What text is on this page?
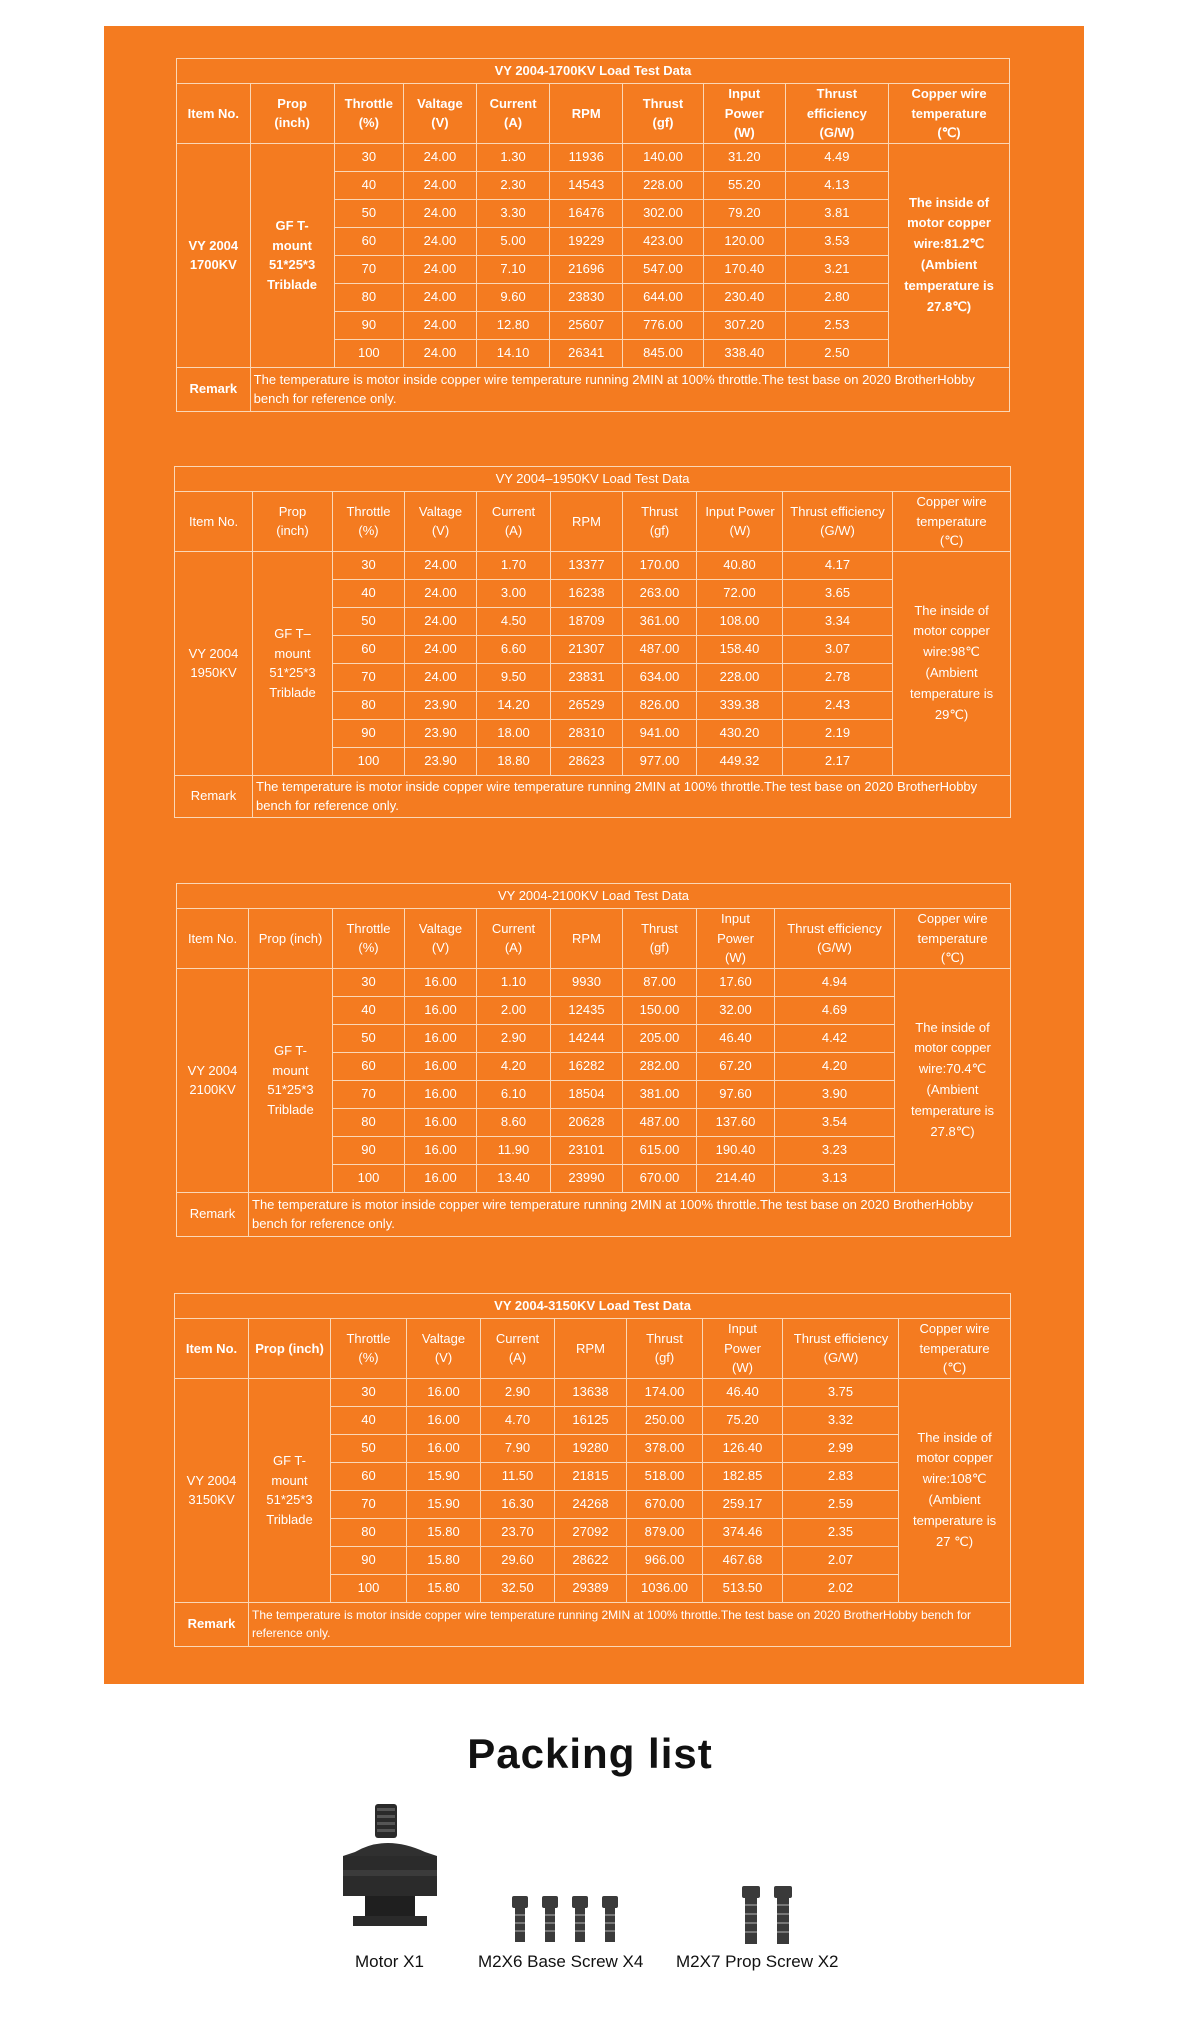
VY 2004-1700KV Load Test Data									
Item No.	Prop (inch)	Throttle (%)	Valtage (V)	Current (A)	RPM	Thrust (gf)	Input Power (W)	Thrust efficiency (G/W)	Copper wire temperature (℃)
VY 2004 1700KV	GF T-mount 51*25*3 Triblade	30	24.00	1.30	11936	140.00	31.20	4.49	The inside of motor copper wire:81.2℃ (Ambient temperature is 27.8℃)
		40	24.00	2.30	14543	228.00	55.20	4.13	
		50	24.00	3.30	16476	302.00	79.20	3.81	
		60	24.00	5.00	19229	423.00	120.00	3.53	
		70	24.00	7.10	21696	547.00	170.40	3.21	
		80	24.00	9.60	23830	644.00	230.40	2.80	
		90	24.00	12.80	25607	776.00	307.20	2.53	
		100	24.00	14.10	26341	845.00	338.40	2.50	
Remark	The temperature is motor inside copper wire temperature running 2MIN at 100% throttle.The test base on 2020 BrotherHobby bench for reference only.								
VY 2004–1950KV Load Test Data									
Item No.	Prop (inch)	Throttle (%)	Valtage (V)	Current (A)	RPM	Thrust (gf)	Input Power (W)	Thrust efficiency (G/W)	Copper wire temperature (℃)
VY 2004 1950KV	GF T–mount 51*25*3 Triblade	30	24.00	1.70	13377	170.00	40.80	4.17	The inside of motor copper wire:98℃ (Ambient temperature is 29℃)
		40	24.00	3.00	16238	263.00	72.00	3.65	
		50	24.00	4.50	18709	361.00	108.00	3.34	
		60	24.00	6.60	21307	487.00	158.40	3.07	
		70	24.00	9.50	23831	634.00	228.00	2.78	
		80	23.90	14.20	26529	826.00	339.38	2.43	
		90	23.90	18.00	28310	941.00	430.20	2.19	
		100	23.90	18.80	28623	977.00	449.32	2.17	
Remark	The temperature is motor inside copper wire temperature running 2MIN at 100% throttle.The test base on 2020 BrotherHobby bench for reference only.								
VY 2004-2100KV Load Test Data									
Item No.	Prop (inch)	Throttle (%)	Valtage (V)	Current (A)	RPM	Thrust (gf)	Input Power (W)	Thrust efficiency (G/W)	Copper wire temperature (℃)
VY 2004 2100KV	GF T-mount 51*25*3 Triblade	30	16.00	1.10	9930	87.00	17.60	4.94	The inside of motor copper wire:70.4℃ (Ambient temperature is 27.8℃)
		40	16.00	2.00	12435	150.00	32.00	4.69	
		50	16.00	2.90	14244	205.00	46.40	4.42	
		60	16.00	4.20	16282	282.00	67.20	4.20	
		70	16.00	6.10	18504	381.00	97.60	3.90	
		80	16.00	8.60	20628	487.00	137.60	3.54	
		90	16.00	11.90	23101	615.00	190.40	3.23	
		100	16.00	13.40	23990	670.00	214.40	3.13	
Remark	The temperature is motor inside copper wire temperature running 2MIN at 100% throttle.The test base on 2020 BrotherHobby bench for reference only.								
VY 2004-3150KV Load Test Data									
Item No.	Prop (inch)	Throttle (%)	Valtage (V)	Current (A)	RPM	Thrust (gf)	Input Power (W)	Thrust efficiency (G/W)	Copper wire temperature (℃)
VY 2004 3150KV	GF T-mount 51*25*3 Triblade	30	16.00	2.90	13638	174.00	46.40	3.75	The inside of motor copper wire:108℃ (Ambient temperature is 27 ℃)
		40	16.00	4.70	16125	250.00	75.20	3.32	
		50	16.00	7.90	19280	378.00	126.40	2.99	
		60	15.90	11.50	21815	518.00	182.85	2.83	
		70	15.90	16.30	24268	670.00	259.17	2.59	
		80	15.80	23.70	27092	879.00	374.46	2.35	
		90	15.80	29.60	28622	966.00	467.68	2.07	
		100	15.80	32.50	29389	1036.00	513.50	2.02	
Remark	The temperature is motor inside copper wire temperature running 2MIN at 100% throttle.The test base on 2020 BrotherHobby bench for reference only.								
Packing list
Motor X1	M2X6 Base Screw X4 M2X7 Prop Screw X2
